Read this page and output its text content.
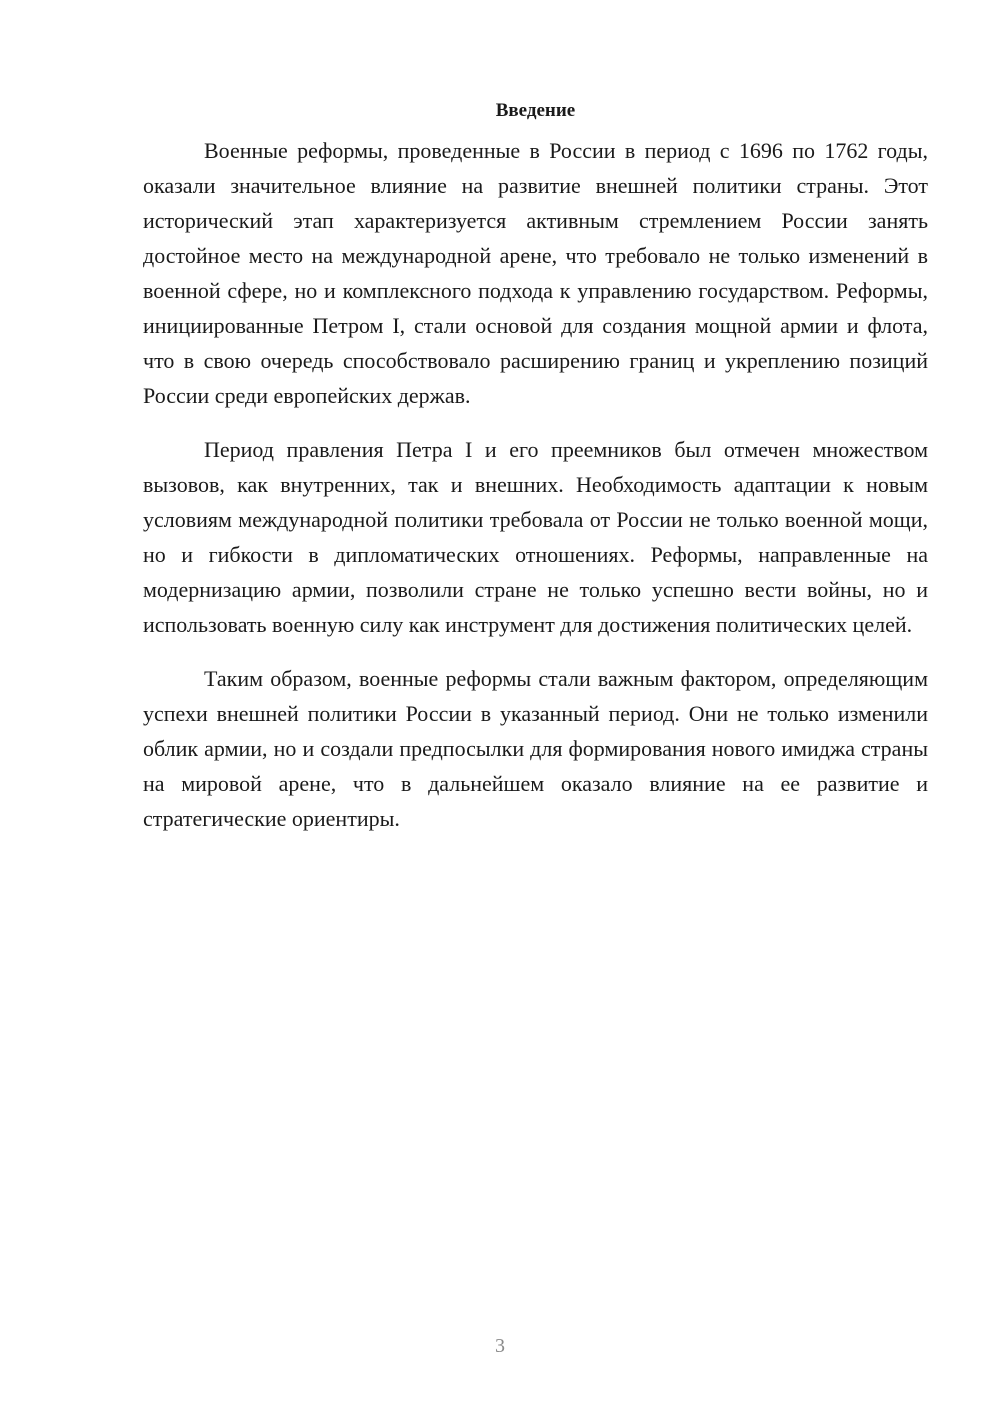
Введение

Военные реформы, проведенные в России в период с 1696 по 1762 годы, оказали значительное влияние на развитие внешней политики страны. Этот исторический этап характеризуется активным стремлением России занять достойное место на международной арене, что требовало не только изменений в военной сфере, но и комплексного подхода к управлению государством. Реформы, инициированные Петром I, стали основой для создания мощной армии и флота, что в свою очередь способствовало расширению границ и укреплению позиций России среди европейских держав.

Период правления Петра I и его преемников был отмечен множеством вызовов, как внутренних, так и внешних. Необходимость адаптации к новым условиям международной политики требовала от России не только военной мощи, но и гибкости в дипломатических отношениях. Реформы, направленные на модернизацию армии, позволили стране не только успешно вести войны, но и использовать военную силу как инструмент для достижения политических целей.

Таким образом, военные реформы стали важным фактором, определяющим успехи внешней политики России в указанный период. Они не только изменили облик армии, но и создали предпосылки для формирования нового имиджа страны на мировой арене, что в дальнейшем оказало влияние на ее развитие и стратегические ориентиры.

3
